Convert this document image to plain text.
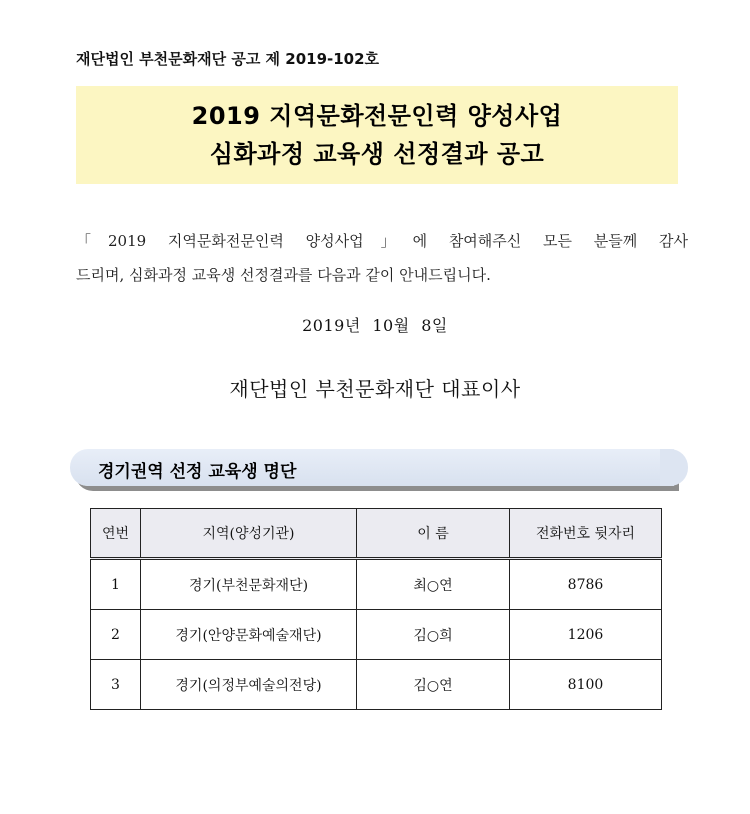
재단법인 부천문화재단 공고 제 2019-102호
2019 지역문화전문인력 양성사업
심화과정 교육생 선정결과 공고

「2019 지역문화전문인력 양성사업」에 참여해주신 모든 분들께 감사

드리며, 심화과정 교육생 선정결과를 다음과 같이 안내드립니다.

2019년 10월 8일
재단법인 부천문화재단 대표이사
경기권역 선정 교육생 명단
연번	지역(양성기관)	이 름	전화번호 뒷자리
1	경기(부천문화재단)	최○연	8786
2	경기(안양문화예술재단)	김○희	1206
3	경기(의정부예술의전당)	김○연	8100
